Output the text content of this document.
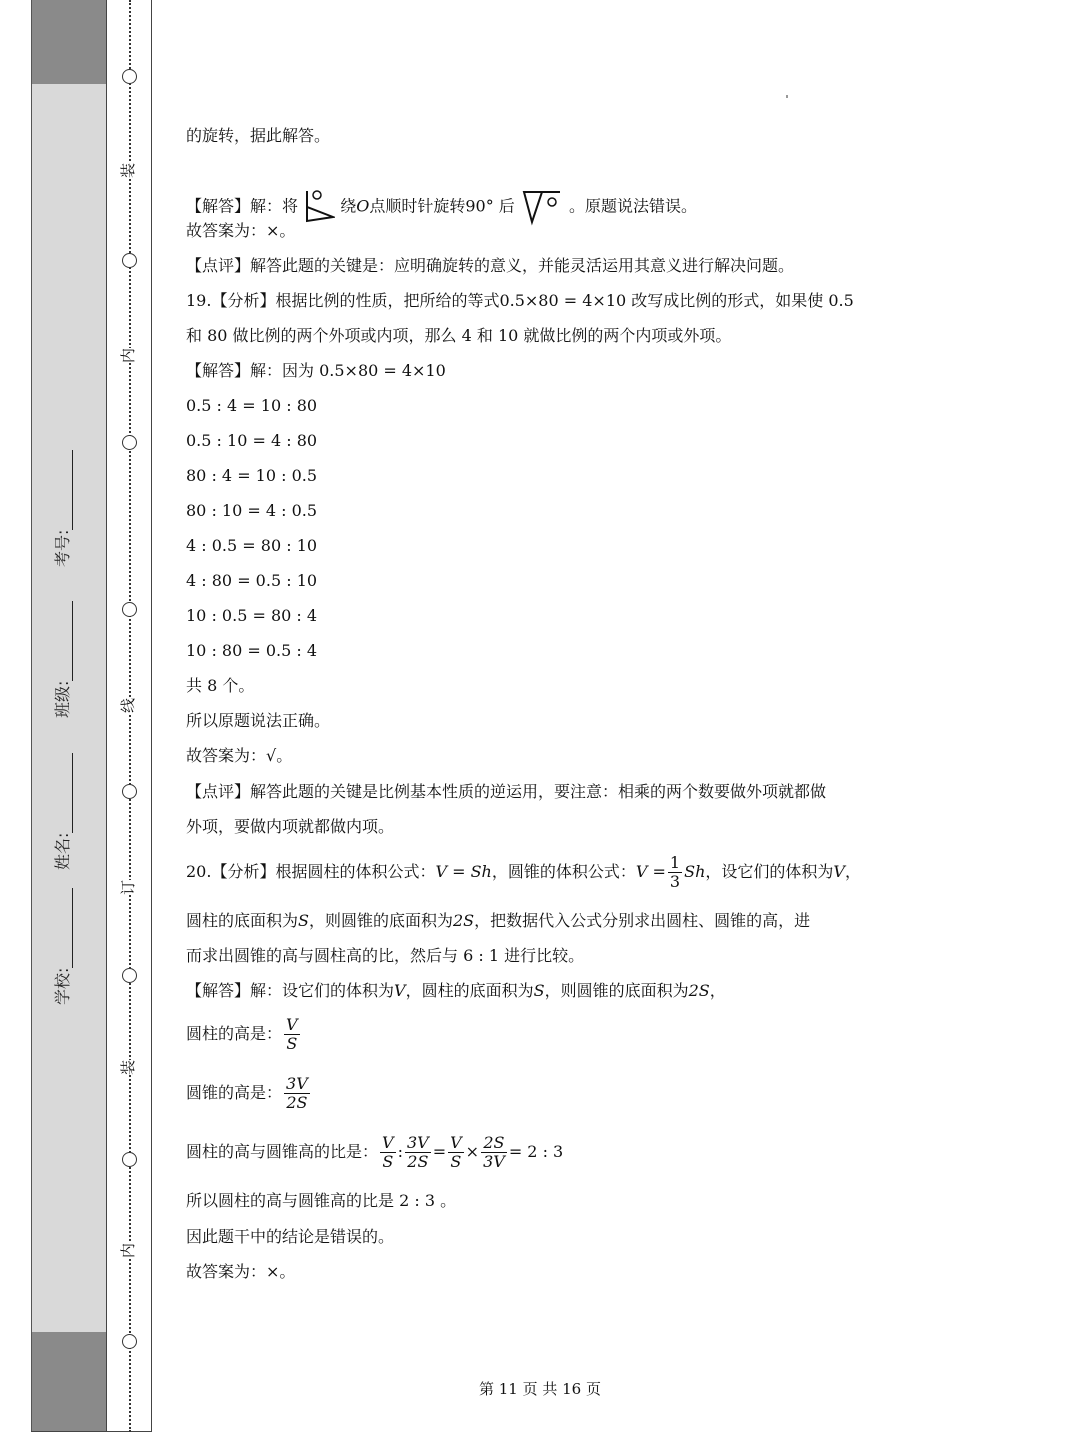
学校:
姓名:
班级:
考号:
装
内
线
订
装
内
的旋转，据此解答。
【解答】解：将	绕O点顺时针旋转90° 后	。原题说法错误。
故答案为：×。
【点评】解答此题的关键是：应明确旋转的意义，并能灵活运用其意义进行解决问题。
19.【分析】根据比例的性质，把所给的等式0.5×80 = 4×10 改写成比例的形式，如果使 0.5
和 80 做比例的两个外项或内项，那么 4 和 10 就做比例的两个内项或外项。
【解答】解：因为 0.5×80 = 4×10
0.5 : 4 = 10 : 80
0.5 : 10 = 4 : 80
80 : 4 = 10 : 0.5
80 : 10 = 4 : 0.5
4 : 0.5 = 80 : 10
4 : 80 = 0.5 : 10
10 : 0.5 = 80 : 4
10 : 80 = 0.5 : 4
共 8 个。
所以原题说法正确。
故答案为：√。
【点评】解答此题的关键是比例基本性质的逆运用，要注意：相乘的两个数要做外项就都做
外项，要做内项就都做内项。
20.【分析】根据圆柱的体积公式：V = Sh，圆锥的体积公式：$V = \frac{1}{3}$ Sh，设它们的体积为V，
圆柱的底面积为S，则圆锥的底面积为2S，把数据代入公式分别求出圆柱、圆锥的高，进
而求出圆锥的高与圆柱高的比，然后与 6 : 1 进行比较。
【解答】解：设它们的体积为V，圆柱的底面积为S，则圆锥的底面积为2S，
圆柱的高是： $\frac{V}{S}$
圆锥的高是： $\frac{3V}{2S}$
圆柱的高与圆锥高的比是： $\frac{V}{S}$ : $\frac{3V}{2S} = \frac{V}{S} \times \frac{2S}{3V} = 2$ : 3
所以圆柱的高与圆锥高的比是 2 : 3 。
因此题干中的结论是错误的。
故答案为：×。
第 11 页 共 16 页
